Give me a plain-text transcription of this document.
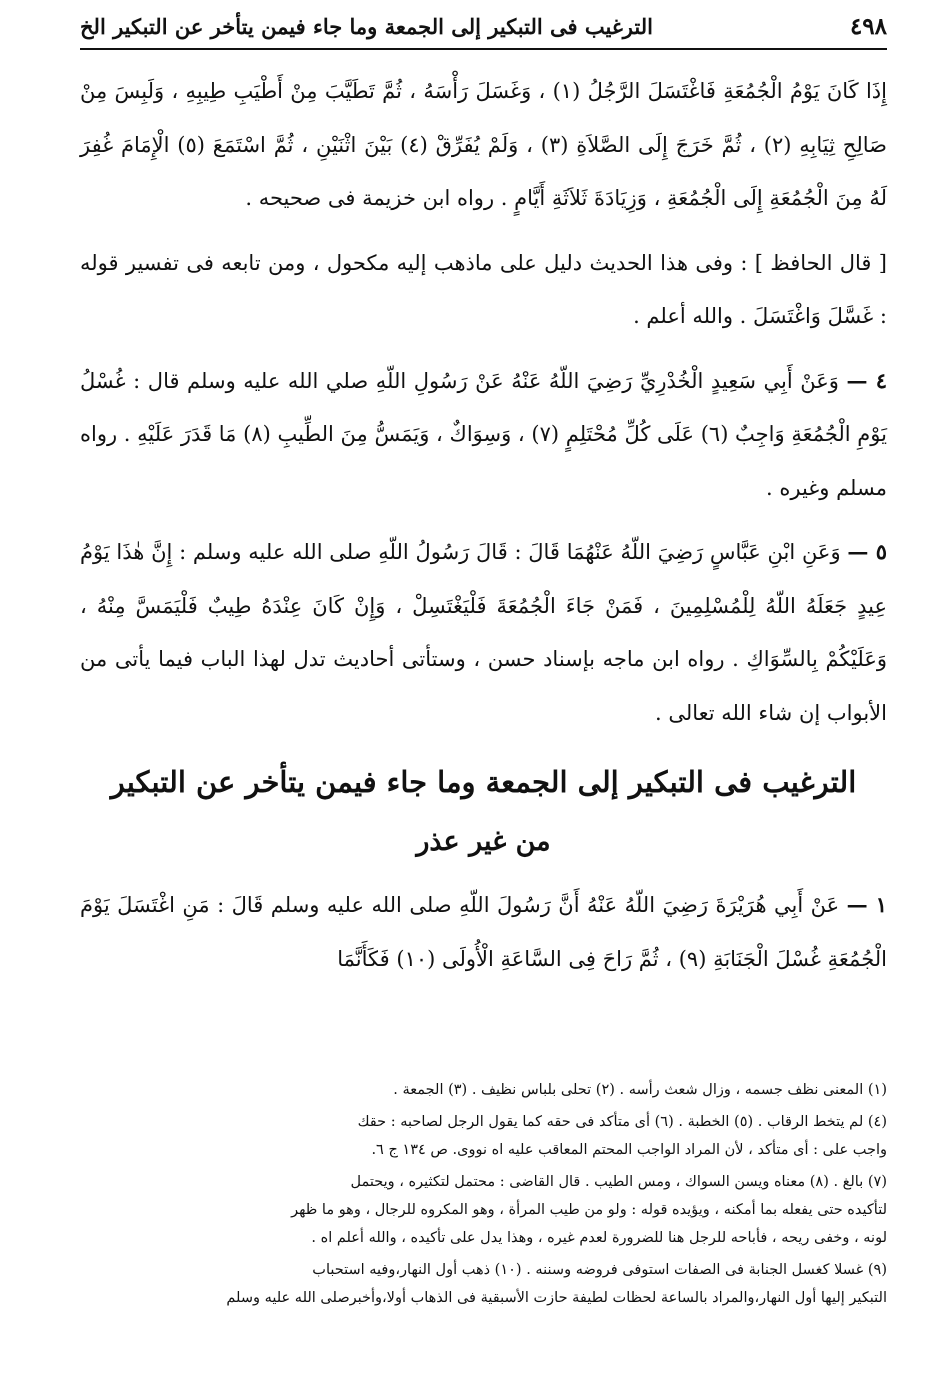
٤٩٨
الترغيب فى التبكير إلى الجمعة وما جاء فيمن يتأخر عن التبكير الخ

إِذَا كَانَ يَوْمُ الْجُمُعَةِ فَاغْتَسَلَ الرَّجُلُ (١) ، وَغَسَلَ رَأْسَهُ ، ثُمَّ تَطَيَّبَ مِنْ أَطْيَبِ طِيبِهِ ، وَلَبِسَ مِنْ صَالِحِ ثِيَابِهِ (٢) ، ثُمَّ خَرَجَ إِلَى الصَّلاَةِ (٣) ، وَلَمْ يُفَرِّقْ (٤) بَيْنَ اثْنَيْنِ ، ثُمَّ اسْتَمَعَ (٥) الْإِمَامَ غُفِرَ لَهُ مِنَ الْجُمُعَةِ إِلَى الْجُمُعَةِ ، وَزِيَادَةَ ثَلاَثَةِ أَيَّامٍ . رواه ابن خزيمة فى صحيحه .

[ قال الحافظ ] : وفى هذا الحديث دليل على ماذهب إليه مكحول ، ومن تابعه فى تفسير قوله : غَسَّلَ وَاغْتَسَلَ . والله أعلم .

٤ — وَعَنْ أَبِي سَعِيدٍ الْخُدْرِيِّ رَضِيَ اللّهُ عَنْهُ عَنْ رَسُولِ اللّهِ صلي الله عليه وسلم قال : غُسْلُ يَوْمِ الْجُمُعَةِ وَاجِبٌ (٦) عَلَى كُلِّ مُحْتَلِمٍ (٧) ، وَسِوَاكٌ ، وَيَمَسُّ مِنَ الطِّيبِ (٨) مَا قَدَرَ عَلَيْهِ . رواه مسلم وغيره .

٥ — وَعَنِ ابْنِ عَبَّاسٍ رَضِيَ اللّهُ عَنْهُمَا قَالَ : قَالَ رَسُولُ اللّهِ صلى الله عليه وسلم : إِنَّ هٰذَا يَوْمُ عِيدٍ جَعَلَهُ اللّهُ لِلْمُسْلِمِينَ ، فَمَنْ جَاءَ الْجُمُعَةَ فَلْيَغْتَسِلْ ، وَإِنْ كَانَ عِنْدَهُ طِيبٌ فَلْيَمَسَّ مِنْهُ ، وَعَلَيْكُمْ بِالسِّوَاكِ . رواه ابن ماجه بإسناد حسن ، وستأتى أحاديث تدل لهذا الباب فيما يأتى من الأبواب إن شاء الله تعالى .

الترغيب فى التبكير إلى الجمعة وما جاء فيمن يتأخر عن التبكير
من غير عذر

١ — عَنْ أَبِي هُرَيْرَةَ رَضِيَ اللّهُ عَنْهُ أَنَّ رَسُولَ اللّهِ صلى الله عليه وسلم قَالَ : مَنِ اغْتَسَلَ يَوْمَ الْجُمُعَةِ غُسْلَ الْجَنَابَةِ (٩) ، ثُمَّ رَاحَ فِى السَّاعَةِ الْأُولَى (١٠) فَكَأَنَّمَا

(١) المعنى نظف جسمه ، وزال شعث رأسه . (٢) تحلى بلباس نظيف . (٣) الجمعة .

(٤) لم يتخط الرقاب . (٥) الخطبة . (٦) أى متأكد فى حقه كما يقول الرجل لصاحبه : حقك

واجب على : أى متأكد ، لأن المراد الواجب المحتم المعاقب عليه اه نووى. ص ١٣٤ ج ٦.

(٧) بالغ . (٨) معناه ويسن السواك ، ومس الطيب . قال القاضى : محتمل لتكثيره ، ويحتمل

لتأكيده حتى يفعله بما أمكنه ، ويؤيده قوله : ولو من طيب المرأة ، وهو المكروه للرجال ، وهو ما ظهر

لونه ، وخفى ريحه ، فأباحه للرجل هنا للضرورة لعدم غيره ، وهذا يدل على تأكيده ، والله أعلم اه .

(٩) غسلا كغسل الجنابة فى الصفات استوفى فروضه وسننه . (١٠) ذهب أول النهار،وفيه استحباب

التبكير إليها أول النهار،والمراد بالساعة لحظات لطيفة حازت الأسبقية فى الذهاب أولا،وأخبرصلى الله عليه وسلم
